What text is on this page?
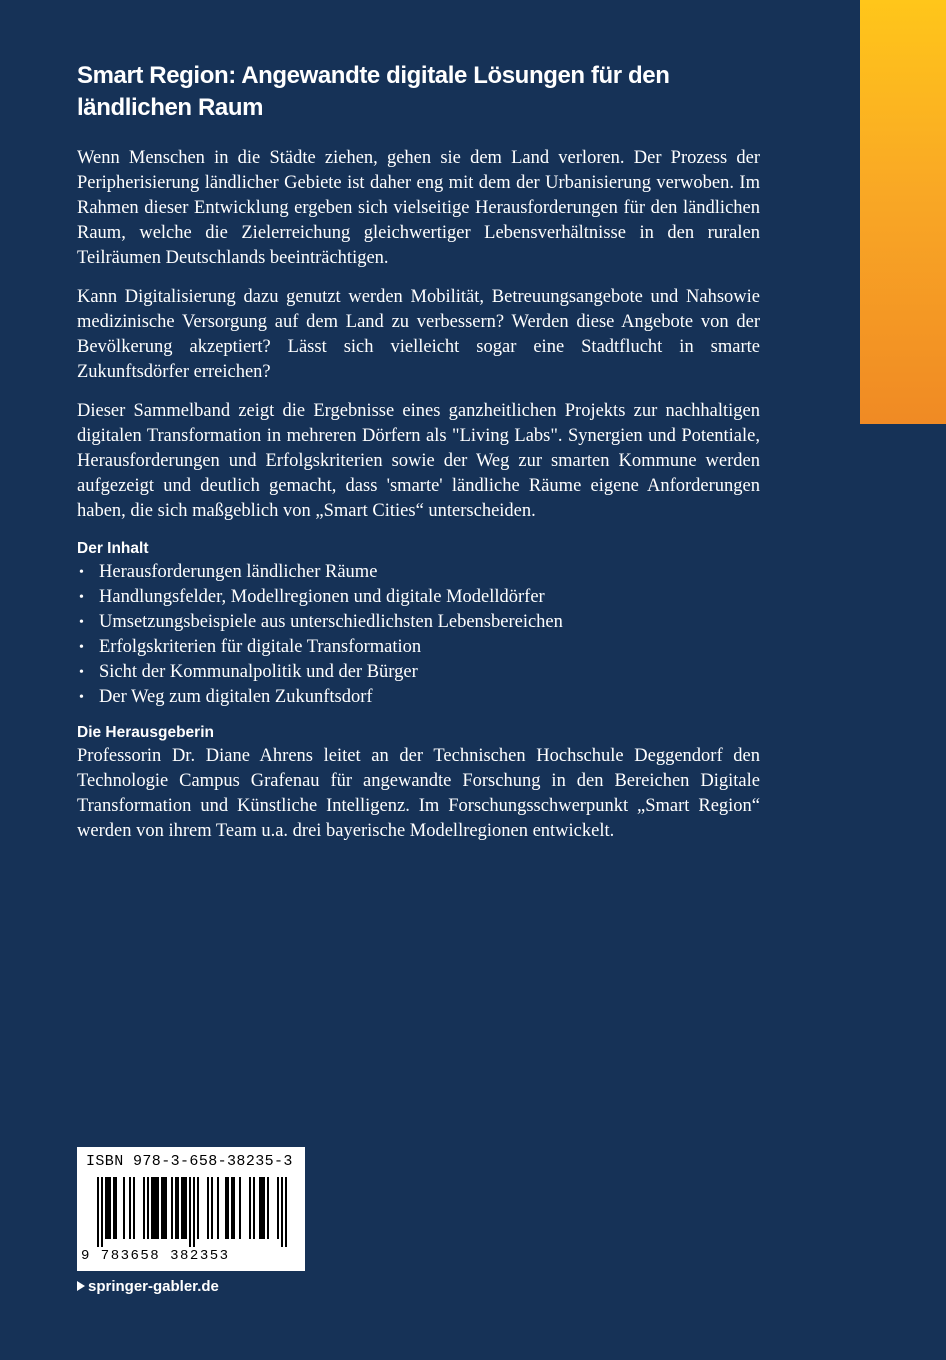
Smart Region: Angewandte digitale Lösungen für den ländlichen Raum

Wenn Menschen in die Städte ziehen, gehen sie dem Land verloren. Der Prozess der Peripherisierung ländlicher Gebiete ist daher eng mit dem der Urbanisierung verwoben. Im Rahmen dieser Entwicklung ergeben sich vielseitige Herausforderungen für den ländlichen Raum, welche die Zielerreichung gleichwertiger Lebensverhältnisse in den ruralen Teilräumen Deutschlands beeinträchtigen.

Kann Digitalisierung dazu genutzt werden Mobilität, Betreuungsangebote und Nahsowie medizinische Versorgung auf dem Land zu verbessern? Werden diese Angebote von der Bevölkerung akzeptiert? Lässt sich vielleicht sogar eine Stadtflucht in smarte Zukunftsdörfer erreichen?

Dieser Sammelband zeigt die Ergebnisse eines ganzheitlichen Projekts zur nachhaltigen digitalen Transformation in mehreren Dörfern als "Living Labs". Synergien und Potentiale, Herausforderungen und Erfolgskriterien sowie der Weg zur smarten Kommune werden aufgezeigt und deutlich gemacht, dass 'smarte' ländliche Räume eigene Anforderungen haben, die sich maßgeblich von „Smart Cities“ unterscheiden.

Der Inhalt
• Herausforderungen ländlicher Räume
• Handlungsfelder, Modellregionen und digitale Modelldörfer
• Umsetzungsbeispiele aus unterschiedlichsten Lebensbereichen
• Erfolgskriterien für digitale Transformation
• Sicht der Kommunalpolitik und der Bürger
• Der Weg zum digitalen Zukunftsdorf
Die Herausgeberin

Professorin Dr. Diane Ahrens leitet an der Technischen Hochschule Deggendorf den Technologie Campus Grafenau für angewandte Forschung in den Bereichen Digitale Transformation und Künstliche Intelligenz. Im Forschungsschwerpunkt „Smart Region“ werden von ihrem Team u.a. drei bayerische Modellregionen entwickelt.

ISBN 978-3-658-38235-3
9 783658 382353
springer-gabler.de
